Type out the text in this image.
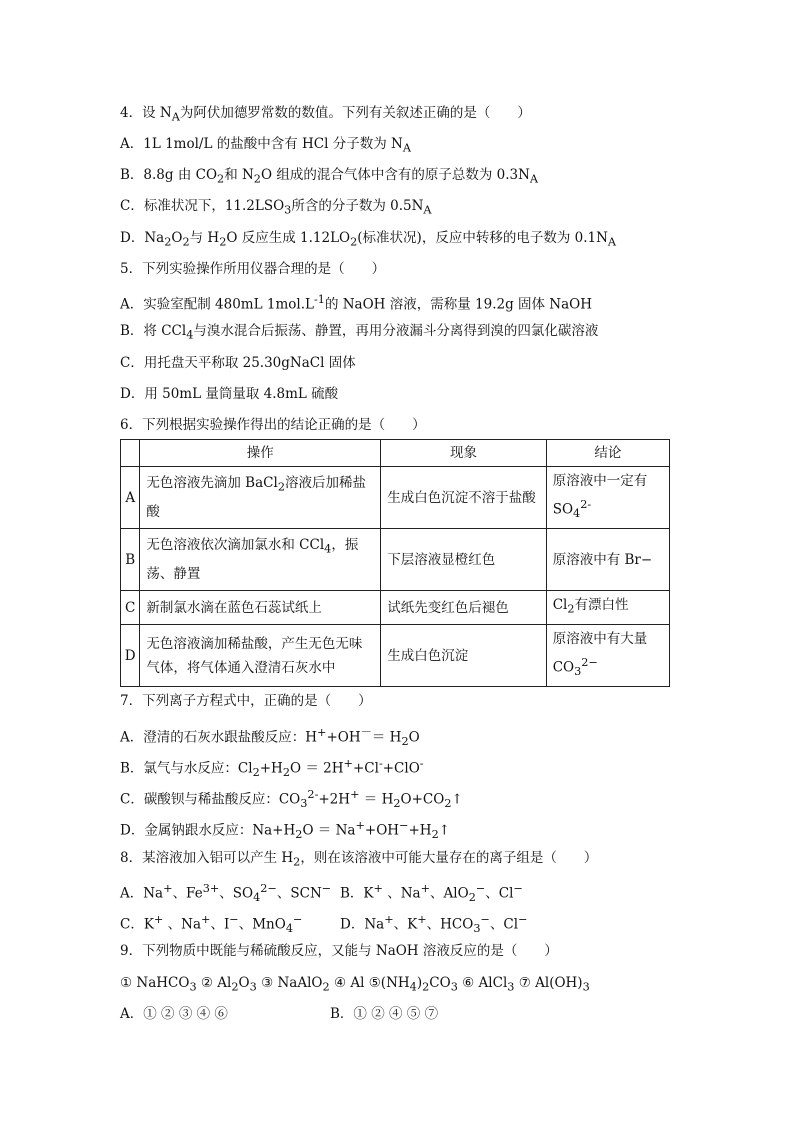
4．设 $N_A$为阿伏加德罗常数的数值。下列有关叙述正确的是（　　）
A．1L 1mol/L 的盐酸中含有 HCl 分子数为 $N_A$
B．8.8g 由 $CO_2$和 $N_2O$ 组成的混合气体中含有的原子总数为 $0.3N_A$
C．标准状况下，$11.2LSO_3$所含的分子数为 $0.5N_A$
D．$Na_2O_2$与 $H_2O$ 反应生成 $1.12LO_2$(标准状况)，反应中转移的电子数为 $0.1N_A$
5．下列实验操作所用仪器合理的是（　　）
A．实验室配制 480mL $1mol.L^{-1}$的 NaOH 溶液，需称量 19.2g 固体 NaOH
B．将 CCl$_4$与溴水混合后振荡、静置，再用分液漏斗分离得到溴的四氯化碳溶液
C．用托盘天平称取 25.30gNaCl 固体
D．用 50mL 量筒量取 4.8mL 硫酸
6．下列根据实验操作得出的结论正确的是（　　）
	操作	现象	结论
A	无色溶液先滴加 BaCl$_2$溶液后加稀盐酸	生成白色沉淀不溶于盐酸	原溶液中一定有 $SO_4^{2-}$
B	无色溶液依次滴加氯水和 CCl$_4$，振荡、静置	下层溶液显橙红色	原溶液中有 Br−
C	新制氯水滴在蓝色石蕊试纸上	试纸先变红色后褪色	$Cl_2$有漂白性
D	无色溶液滴加稀盐酸，产生无色无味气体，将气体通入澄清石灰水中	生成白色沉淀	原溶液中有大量 $CO_3^{2-}$
7．下列离子方程式中，正确的是（　　）
A．澄清的石灰水跟盐酸反应：$H^++OH^-= H_2O$
B．氯气与水反应：$Cl_2+H_2O = 2H^++Cl^-+ClO^-$
C．碳酸钡与稀盐酸反应：$CO_3^{2-}+2H^+$ ＝ $H_2O+CO_2↑$
D．金属钠跟水反应：$Na+H_2O$ ＝ $Na^++OH^-+H_2↑$
8．某溶液加入铝可以产生 $H_2$，则在该溶液中可能大量存在的离子组是（　　）
A．Na+、$Fe^{3+}$、$SO_4^{2-}$、SCN− B．K+ 、Na+、AlO$_2$−、Cl−
C．K+ 、Na+、I−、MnO$_4$−	D．Na+、K+、$HCO_3^-$、Cl−
9．下列物质中既能与稀硫酸反应，又能与 NaOH 溶液反应的是（　　）
① NaHCO$_3$ ② $Al_2O_3$ ③ NaAlO$_2$ ④ Al $⑤(NH_4)_2CO_3$ ⑥ AlCl$_3$ ⑦ $Al(OH)_3$
A．① ② ③ ④ ⑥	B．① ② ④ ⑤ ⑦
